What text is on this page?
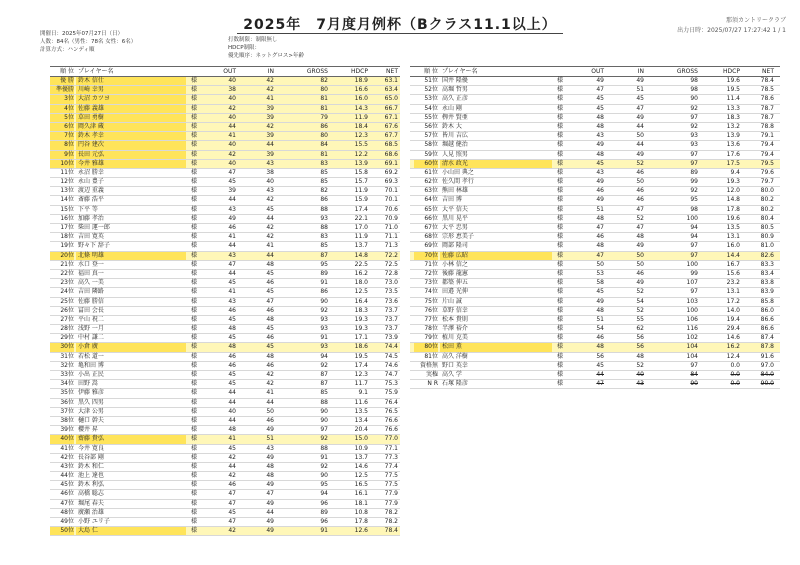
2025年　7月度月例杯（Bクラス11.1以上）	那須カントリークラブ
出力日時：2025/07/27 17:27:42 1 / 1
開催日：2025年07月27日（日）
人数：84名（男性：78名 女性：6名）
計算方式：ハンディ順
打数制限：制限無し
HDCP制限：
優先順序：ネットグロス>年齢
順 位 プレイヤー名	OUT	IN	GROSS	HDCP	NET
優 勝 鈴木 信仕	様	40	42	82	18.9	63.1
準優勝 川崎 幸男	様	38	42	80	16.6	63.4
3位 大沼 カツヨ	様	40	41	81	16.0	65.0
4位 佐藤 義雄	様	42	39	81	14.3	66.7
5位 草田 勇樹	様	40	39	79	11.9	67.1
6位 岡久津 蔵	様	44	42	86	18.4	67.6
7位 鈴木 孝幸	様	41	39	80	12.3	67.7
8位 円谷 建次	様	40	44	84	15.5	68.5
9位 長田 元弘	様	42	39	81	12.2	68.6
10位 今井 雅雄	様	40	43	83	13.9	69.1
11位 永沼 勝幸	様	47	38	85	15.8	69.2
12位 永山 豊子	様	45	40	85	15.7	69.3
13位 渡辺 重義	様	39	43	82	11.9	70.1
14位 斎藤 浩平	様	44	42	86	15.9	70.1
15位 下平 等	様	43	45	88	17.4	70.6
16位 加藤 孝治	様	49	44	93	22.1	70.9
17位 柴田 運一郎	様	46	42	88	17.0	71.0
18位 吉田 寛英	様	41	42	83	11.9	71.1
19位 野々下 辞子	様	44	41	85	13.7	71.3
20位 北條 明雄	様	43	44	87	14.8	72.2
21位 水口 登一	様	47	48	95	22.5	72.5
22位 福田 真一	様	44	45	89	16.2	72.8
23位 高久 一美	様	45	46	91	18.0	73.0
24位 吉田 隣路	様	41	45	86	12.5	73.5
25位 佐藤 勝信	様	43	47	90	16.4	73.6
26位 冨田 会長	様	46	46	92	18.3	73.7
27位 平山 祝二	様	45	48	93	19.3	73.7
28位 浅野 一月	様	48	45	93	19.3	73.7
29位 中村 謙二	様	45	46	91	17.1	73.9
30位 小倉 廣	様	48	45	93	18.6	74.4
31位 若松 道一	様	46	48	94	19.5	74.5
32位 亀和田 博	様	46	46	92	17.4	74.6
33位 小出 正民	様	45	42	87	12.3	74.7
34位 田野 嵩	様	45	42	87	11.7	75.3
35位 伊藤 雅彦	様	44	41	85	9.1	75.9
36位 黒久 四男	様	44	44	88	11.6	76.4
37位 大津 公男	様	40	50	90	13.5	76.5
38位 樋口 幹夫	様	44	46	90	13.4	76.6
39位 櫻井 昇	様	48	49	97	20.4	76.6
40位 齋藤 貴弘	様	41	51	92	15.0	77.0
41位 今井 寛良	様	45	43	88	10.9	77.1
42位 長谷部 剛	様	42	49	91	13.7	77.3
43位 鈴木 和仁	様	44	48	92	14.6	77.4
44位 池上 達也	様	42	48	90	12.5	77.5
45位 鈴木 利弘	様	46	49	95	16.5	77.5
46位 高橋 聡志	様	47	47	94	16.1	77.9
47位 堀尾 春夫	様	47	49	96	18.1	77.9
48位 廣瀬 治雄	様	45	44	89	10.8	78.2
49位 小野 ユリ子	様	47	49	96	17.8	78.2
50位 大島 仁	様	42	49	91	12.6	78.4
順 位 プレイヤー名	OUT	IN	GROSS	HDCP	NET
51位 国井 隆優	様	49	49	98	19.6	78.4
52位 高堀 哲男	様	47	51	98	19.5	78.5
53位 高久 正彦	様	45	45	90	11.4	78.6
54位 永山 剛	様	45	47	92	13.3	78.7
55位 栁井 賢亜	様	48	49	97	18.3	78.7
56位 鈴木 大	様	48	44	92	13.2	78.8
57位 皆川 吉広	様	43	50	93	13.9	79.1
58位 堀越 健治	様	49	44	93	13.6	79.4
59位 人見 照男	様	48	49	97	17.6	79.4
60位 清水 政光	様	45	52	97	17.5	79.5
61位 小山田 典之	様	43	46	89	9.4	79.6
62位 佐久間 孝行	様	49	50	99	19.3	79.7
63位 熊田 林雄	様	46	46	92	12.0	80.0
64位 吉田 博	様	49	46	95	14.8	80.2
65位 大平 信夫	様	51	47	98	17.8	80.2
66位 黒川 晃平	様	48	52	100	19.6	80.4
67位 大平 忠男	様	47	47	94	13.5	80.5
68位 宗形 恵美子	様	46	48	94	13.1	80.9
69位 岡部 隆司	様	48	49	97	16.0	81.0
70位 佐藤 広昭	様	47	50	97	14.4	82.6
71位 小林 信之	様	50	50	100	16.7	83.3
72位 後藤 龍憲	様	53	46	99	15.6	83.4
73位 都築 伸五	様	58	49	107	23.2	83.8
74位 田邉 光伸	様	45	52	97	13.1	83.9
75位 片山 誠	様	49	54	103	17.2	85.8
76位 草野 信幸	様	48	52	100	14.0	86.0
77位 松本 貴則	様	51	55	106	19.4	86.6
78位 半澤 裕介	様	54	62	116	29.4	86.6
79位 植川 克美	様	46	56	102	14.6	87.4
80位 松田 薫	様	48	56	104	16.2	87.8
81位 高久 洋樹	様	56	48	104	12.4	91.6
資格無 野口 英幸	様	45	52	97	0.0	97.0
実権 高久 学	様	44	40	84	0.0	84.0
N R 石塚 隆彦	様	47	43	90	0.0	90.0
